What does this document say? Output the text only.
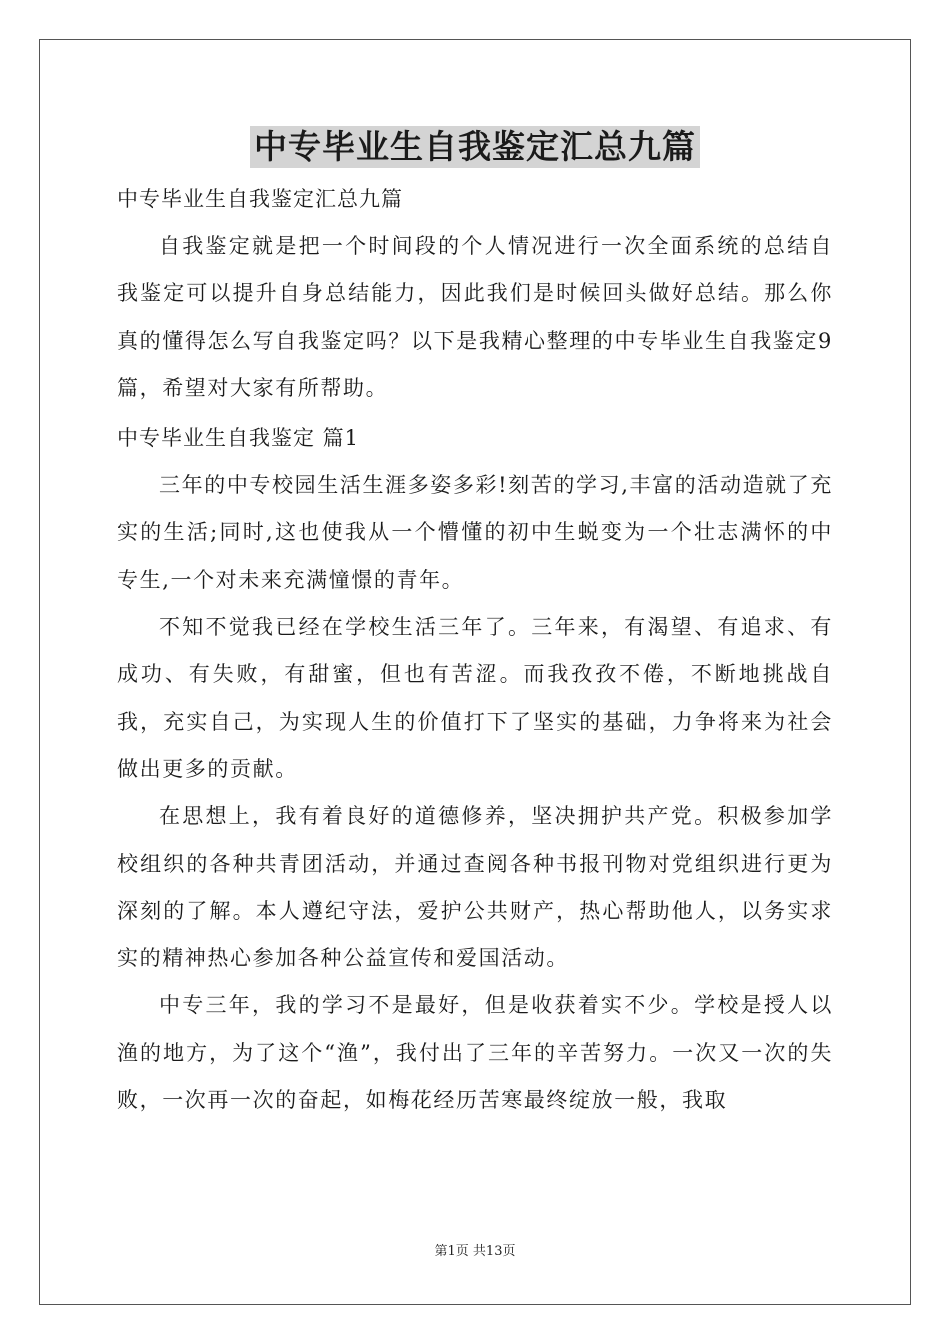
中专毕业生自我鉴定汇总九篇
中专毕业生自我鉴定汇总九篇

自我鉴定就是把一个时间段的个人情况进行一次全面系统的总结自我鉴定可以提升自身总结能力，因此我们是时候回头做好总结。那么你真的懂得怎么写自我鉴定吗？以下是我精心整理的中专毕业生自我鉴定9篇，希望对大家有所帮助。

中专毕业生自我鉴定 篇1

三年的中专校园生活生涯多姿多彩!刻苦的学习,丰富的活动造就了充实的生活;同时,这也使我从一个懵懂的初中生蜕变为一个壮志满怀的中专生,一个对未来充满憧憬的青年。

不知不觉我已经在学校生活三年了。三年来，有渴望、有追求、有成功、有失败，有甜蜜，但也有苦涩。而我孜孜不倦，不断地挑战自我，充实自己，为实现人生的价值打下了坚实的基础，力争将来为社会做出更多的贡献。

在思想上，我有着良好的道德修养，坚决拥护共产党。积极参加学校组织的各种共青团活动，并通过查阅各种书报刊物对党组织进行更为深刻的了解。本人遵纪守法，爱护公共财产，热心帮助他人，以务实求实的精神热心参加各种公益宣传和爱国活动。

中专三年，我的学习不是最好，但是收获着实不少。学校是授人以渔的地方，为了这个“渔”，我付出了三年的辛苦努力。一次又一次的失败，一次再一次的奋起，如梅花经历苦寒最终绽放一般，我取

第1页 共13页
